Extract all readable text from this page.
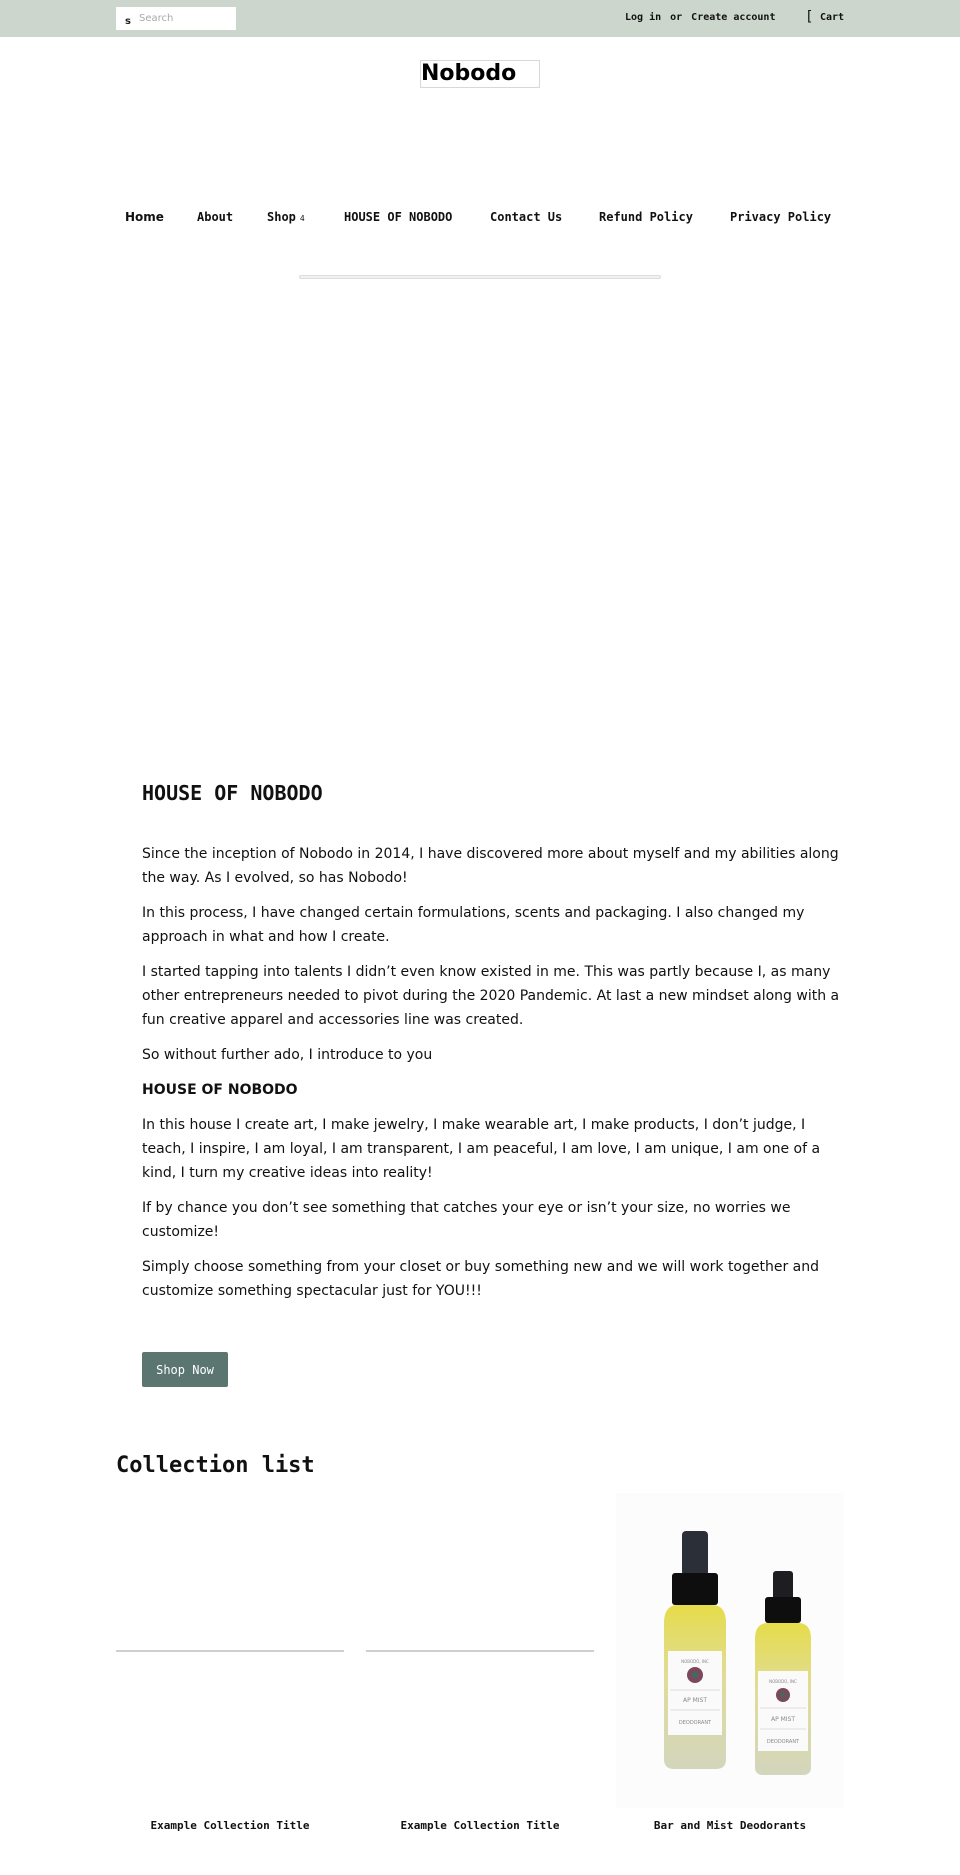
s
Search	Log in or Create account [ Cart
Nobodo
Home	About	Shop 4	HOUSE OF NOBODO	Contact Us	Refund Policy	Privacy Policy
HOUSE OF NOBODO

Since the inception of Nobodo in 2014, I have discovered more about myself and my abilities along the way. As I evolved, so has Nobodo!

In this process, I have changed certain formulations, scents and packaging. I also changed my approach in what and how I create.

I started tapping into talents I didn’t even know existed in me. This was partly because I, as many other entrepreneurs needed to pivot during the 2020 Pandemic. At last a new mindset along with a fun creative apparel and accessories line was created.

So without further ado, I introduce to you

HOUSE OF NOBODO

In this house I create art, I make jewelry, I make wearable art, I make products, I don’t judge, I teach, I inspire, I am loyal, I am transparent, I am peaceful, I am love, I am unique, I am one of a kind, I turn my creative ideas into reality!

If by chance you don’t see something that catches your eye or isn’t your size, no worries we customize!

Simply choose something from your closet or buy something new and we will work together and customize something spectacular just for YOU!!!

Shop Now
Collection list
Example Collection Title	Example Collection Title
NOBODO, INC
AP MIST
DEODORANT
NOBODO, INC
AP MIST
DEODORANT
Bar and Mist Deodorants
